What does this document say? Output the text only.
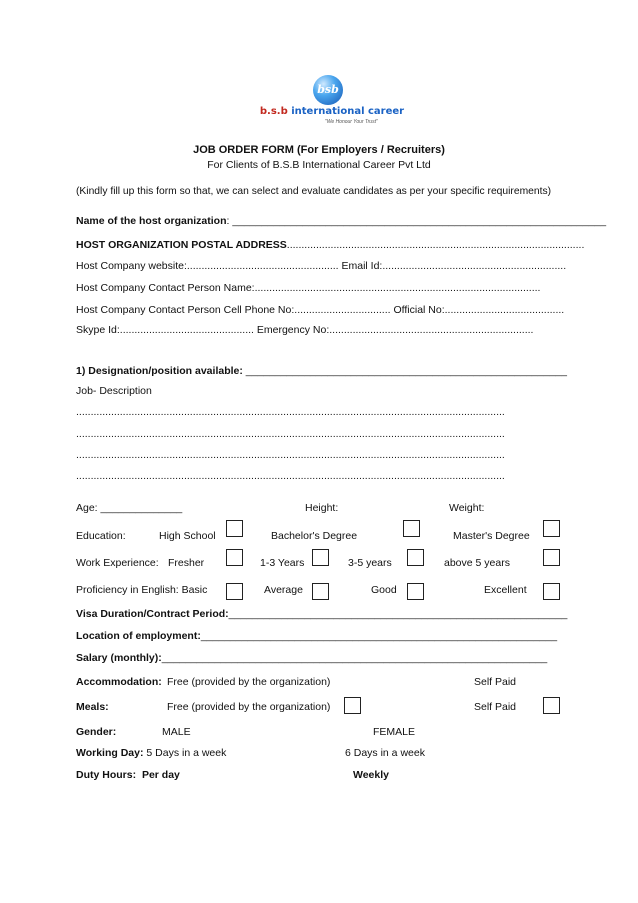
bsb
b.s.b international career
"We Honour Your Trust"
JOB ORDER FORM (For Employers / Recruiters)
For Clients of B.S.B International Career Pvt Ltd
(Kindly fill up this form so that, we can select and evaluate candidates as per your specific requirements)
Name of the host organization: ________________________________________________________________
HOST ORGANIZATION POSTAL ADDRESS......................................................................................................
Host Company website:.................................................... Email Id:...............................................................
Host Company Contact Person Name:..................................................................................................
Host Company Contact Person Cell Phone No:................................. Official No:.........................................
Skype Id:.............................................. Emergency No:......................................................................
1) Designation/position available: _______________________________________________________
Job- Description
...................................................................................................................................................
...................................................................................................................................................
...................................................................................................................................................
...................................................................................................................................................
Age: ______________	Height:	Weight:
Education:	High School	Bachelor's Degree	Master's Degree
Work Experience: Fresher	1-3 Years	3-5 years	above 5 years
Proficiency in English: Basic	Average	Good	Excellent
Visa Duration/Contract Period:__________________________________________________________
Location of employment:_____________________________________________________________
Salary (monthly):__________________________________________________________________
Accommodation: Free (provided by the organization)	Self Paid
Meals:	Free (provided by the organization)	Self Paid
Gender:	MALE	FEMALE
Working Day: 5 Days in a week	6 Days in a week
Duty Hours: Per day	Weekly
